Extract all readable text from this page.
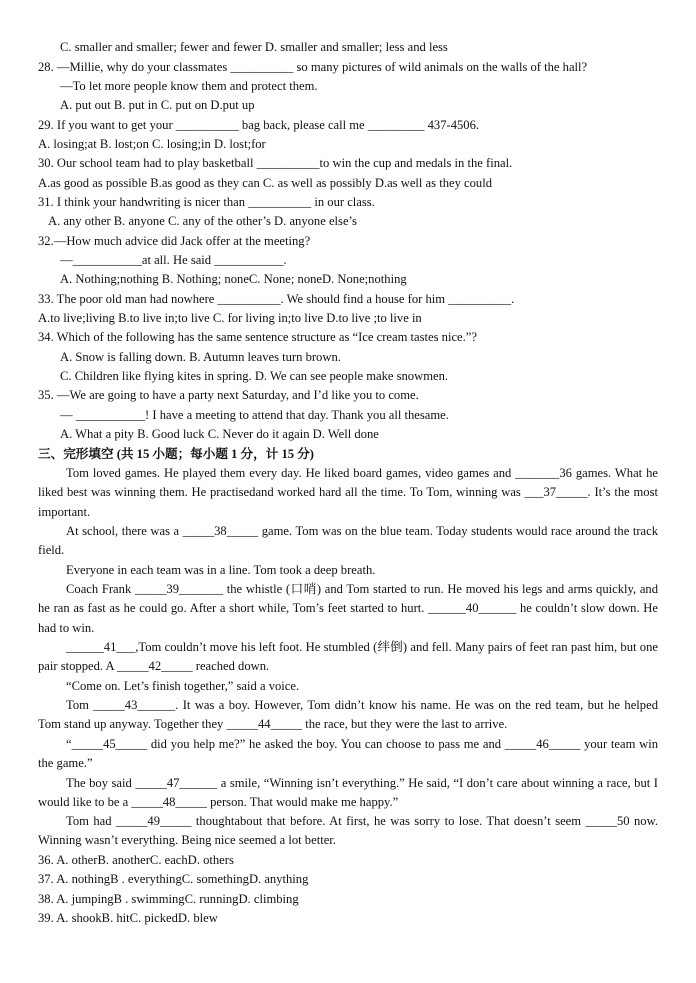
C. smaller and smaller; fewer and fewer D. smaller and smaller; less and less
28. —Millie, why do your classmates __________ so many pictures of wild animals on the walls of the hall?
—To let more people know them and protect them.
A. put out B. put in C. put on D.put up
29. If you want to get your __________ bag back, please call me _________ 437-4506.
A. losing;at B. lost;on C. losing;in D. lost;for
30. Our school team had to play basketball __________to win the cup and medals in the final.
A.as good as possible B.as good as they can C. as well as possibly D.as well as they could
31. I think your handwriting is nicer than __________ in our class.
A. any other B. anyone C. any of the other’s D. anyone else’s
32.—How much advice did Jack offer at the meeting?
—___________at all. He said ___________.
A. Nothing;nothing B. Nothing; noneC. None; noneD. None;nothing
33. The poor old man had nowhere __________. We should find a house for him __________.
A.to live;living B.to live in;to live C. for living in;to live D.to live ;to live in
34. Which of the following has the same sentence structure as “Ice cream tastes nice.”?
A. Snow is falling down. B. Autumn leaves turn brown.
C. Children like flying kites in spring. D. We can see people make snowmen.
35. —We are going to have a party next Saturday, and I’d like you to come.
— ___________! I have a meeting to attend that day. Thank you all thesame.
A. What a pity B. Good luck C. Never do it again D. Well done
三、完形填空 (共 15 小题；每小题 1 分，计 15 分)
Tom loved games. He played them every day. He liked board games, video games and _______36 games. What he liked best was winning them. He practisedand worked hard all the time. To Tom, winning was ___37_____. It’s the most important.
At school, there was a _____38_____ game. Tom was on the blue team. Today students would race around the track field.
Everyone in each team was in a line. Tom took a deep breath.
Coach Frank _____39_______ the whistle (口哨) and Tom started to run. He moved his legs and arms quickly, and he ran as fast as he could go. After a short while, Tom’s feet started to hurt. ______40______ he couldn’t slow down. He had to win.
______41___,Tom couldn’t move his left foot. He stumbled (绊倒) and fell. Many pairs of feet ran past him, but one pair stopped. A _____42_____ reached down.
“Come on. Let’s finish together,” said a voice.
Tom _____43______. It was a boy. However, Tom didn’t know his name. He was on the red team, but he helped Tom stand up anyway. Together they _____44_____ the race, but they were the last to arrive.
“_____45_____ did you help me?” he asked the boy. You can choose to pass me and _____46_____ your team win the game.”
The boy said _____47______ a smile, “Winning isn’t everything.” He said, “I don’t care about winning a race, but I would like to be a _____48_____ person. That would make me happy.”
Tom had _____49_____ thoughtabout that before. At first, he was sorry to lose. That doesn’t seem _____50 now. Winning wasn’t everything. Being nice seemed a lot better.
36. A. otherB. anotherC. eachD. others
37. A. nothingB . everythingC. somethingD. anything
38. A. jumpingB . swimmingC. runningD. climbing
39. A. shookB. hitC. pickedD. blew
